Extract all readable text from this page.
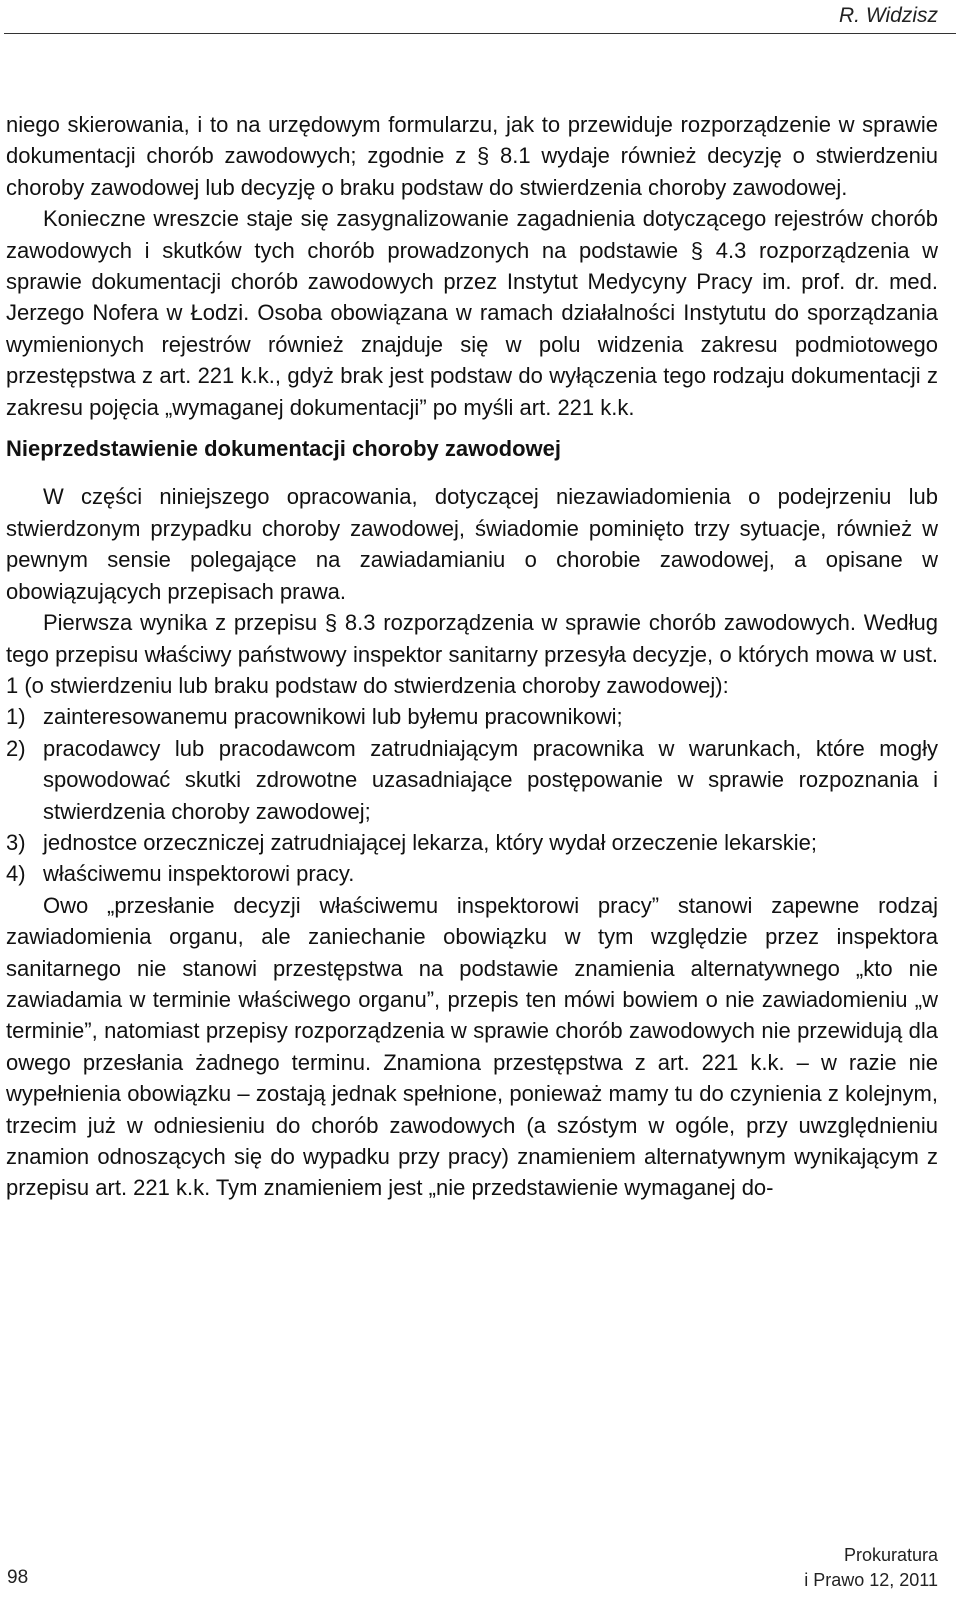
R. Widzisz

niego skierowania, i to na urzędowym formularzu, jak to przewiduje rozporządzenie w sprawie dokumentacji chorób zawodowych; zgodnie z § 8.1 wydaje również decyzję o stwierdzeniu choroby zawodowej lub decyzję o braku podstaw do stwierdzenia choroby zawodowej.

Konieczne wreszcie staje się zasygnalizowanie zagadnienia dotyczącego rejestrów chorób zawodowych i skutków tych chorób prowadzonych na podstawie § 4.3 rozporządzenia w sprawie dokumentacji chorób zawodowych przez Instytut Medycyny Pracy im. prof. dr. med. Jerzego Nofera w Łodzi. Osoba obowiązana w ramach działalności Instytutu do sporządzania wymienionych rejestrów również znajduje się w polu widzenia zakresu podmiotowego przestępstwa z art. 221 k.k., gdyż brak jest podstaw do wyłączenia tego rodzaju dokumentacji z zakresu pojęcia „wymaganej dokumentacji” po myśli art. 221 k.k.

Nieprzedstawienie dokumentacji choroby zawodowej

W części niniejszego opracowania, dotyczącej niezawiadomienia o podejrzeniu lub stwierdzonym przypadku choroby zawodowej, świadomie pominięto trzy sytuacje, również w pewnym sensie polegające na zawiadamianiu o chorobie zawodowej, a opisane w obowiązujących przepisach prawa.

Pierwsza wynika z przepisu § 8.3 rozporządzenia w sprawie chorób zawodowych. Według tego przepisu właściwy państwowy inspektor sanitarny przesyła decyzje, o których mowa w ust. 1 (o stwierdzeniu lub braku podstaw do stwierdzenia choroby zawodowej):

1) zainteresowanemu pracownikowi lub byłemu pracownikowi;
2) pracodawcy lub pracodawcom zatrudniającym pracownika w warunkach, które mogły spowodować skutki zdrowotne uzasadniające postępowanie w sprawie rozpoznania i stwierdzenia choroby zawodowej;
3) jednostce orzeczniczej zatrudniającej lekarza, który wydał orzeczenie lekarskie;
4) właściwemu inspektorowi pracy.

Owo „przesłanie decyzji właściwemu inspektorowi pracy” stanowi zapewne rodzaj zawiadomienia organu, ale zaniechanie obowiązku w tym względzie przez inspektora sanitarnego nie stanowi przestępstwa na podstawie znamienia alternatywnego „kto nie zawiadamia w terminie właściwego organu”, przepis ten mówi bowiem o nie zawiadomieniu „w terminie”, natomiast przepisy rozporządzenia w sprawie chorób zawodowych nie przewidują dla owego przesłania żadnego terminu. Znamiona przestępstwa z art. 221 k.k. – w razie nie wypełnienia obowiązku – zostają jednak spełnione, ponieważ mamy tu do czynienia z kolejnym, trzecim już w odniesieniu do chorób zawodowych (a szóstym w ogóle, przy uwzględnieniu znamion odnoszących się do wypadku przy pracy) znamieniem alternatywnym wynikającym z przepisu art. 221 k.k. Tym znamieniem jest „nie przedstawienie wymaganej do-

98
Prokuratura
i Prawo 12, 2011
